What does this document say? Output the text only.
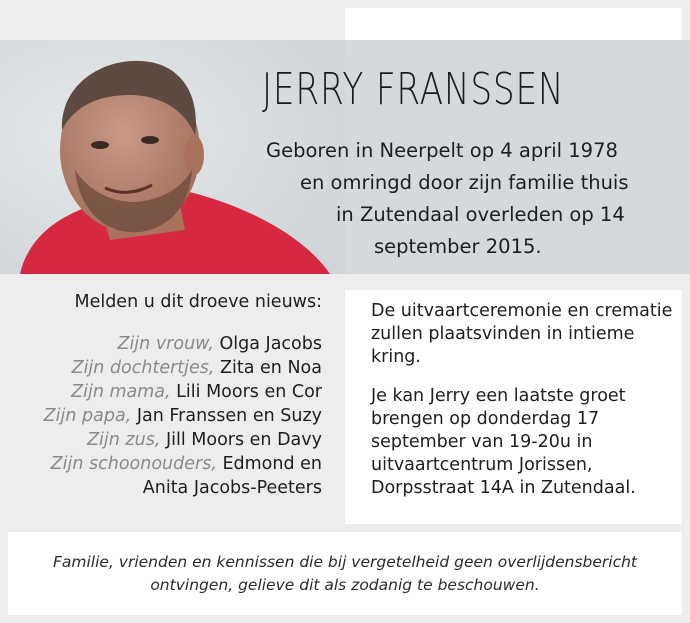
JERRY FRANSSEN
Geboren in Neerpelt op 4 april 1978
en omringd door zijn familie thuis
in Zutendaal overleden op 14
september 2015.
Melden u dit droeve nieuws:
Zijn vrouw, Olga Jacobs
Zijn dochtertjes, Zita en Noa
Zijn mama, Lili Moors en Cor
Zijn papa, Jan Franssen en Suzy
Zijn zus, Jill Moors en Davy
Zijn schoonouders, Edmond en
Anita Jacobs-Peeters

De uitvaartceremonie en crematie zullen plaatsvinden in intieme kring.

Je kan Jerry een laatste groet brengen op donderdag 17 september van 19-20u in uitvaartcentrum Jorissen, Dorpsstraat 14A in Zutendaal.

Familie, vrienden en kennissen die bij vergetelheid geen overlijdensbericht
ontvingen, gelieve dit als zodanig te beschouwen.
